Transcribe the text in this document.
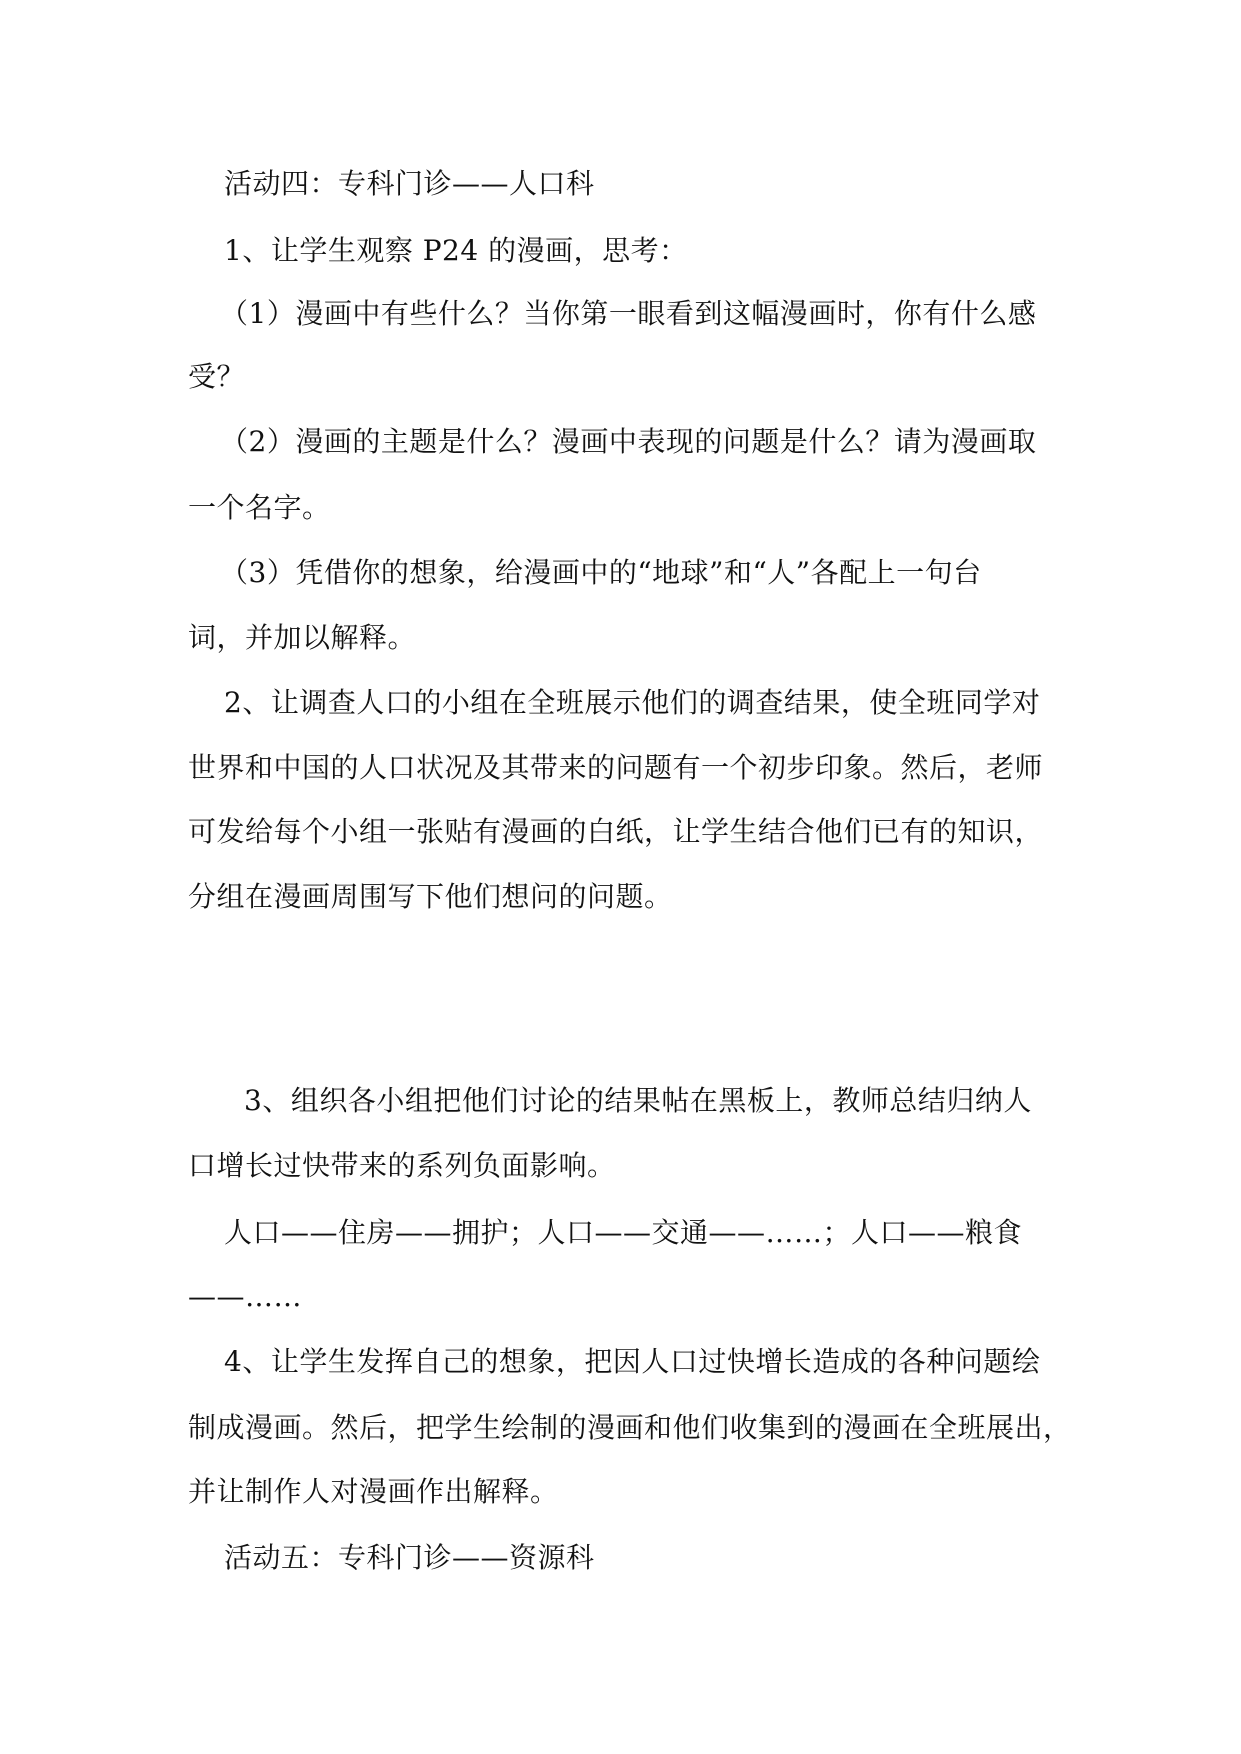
活动四：专科门诊——人口科
1、让学生观察 P24 的漫画，思考：
（1）漫画中有些什么？当你第一眼看到这幅漫画时，你有什么感
受？
（2）漫画的主题是什么？漫画中表现的问题是什么？请为漫画取
一个名字。
（3）凭借你的想象，给漫画中的“地球”和“人”各配上一句台
词，并加以解释。
2、让调查人口的小组在全班展示他们的调查结果，使全班同学对
世界和中国的人口状况及其带来的问题有一个初步印象。然后，老师
可发给每个小组一张贴有漫画的白纸，让学生结合他们已有的知识，
分组在漫画周围写下他们想问的问题。
3、组织各小组把他们讨论的结果帖在黑板上，教师总结归纳人
口增长过快带来的系列负面影响。
人口——住房——拥护；人口——交通——……；人口——粮食
——……
4、让学生发挥自己的想象，把因人口过快增长造成的各种问题绘
制成漫画。然后，把学生绘制的漫画和他们收集到的漫画在全班展出，
并让制作人对漫画作出解释。
活动五：专科门诊——资源科
